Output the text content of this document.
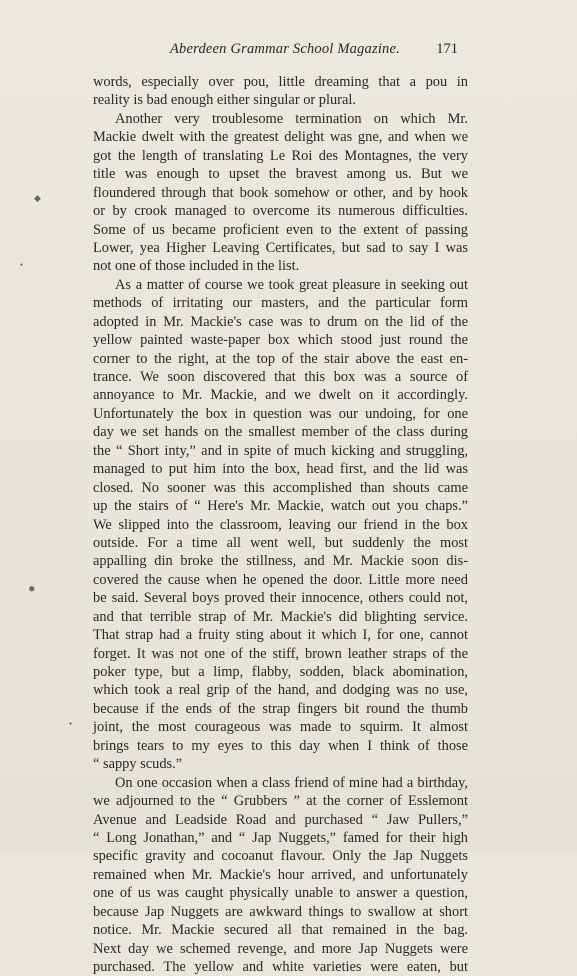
Aberdeen Grammar School Magazine.	171
words, especially over pou, little dreaming that a pou in
reality is bad enough either singular or plural.
Another very troublesome termination on which Mr.
Mackie dwelt with the greatest delight was gne, and when we
got the length of translating Le Roi des Montagnes, the very
title was enough to upset the bravest among us. But we
floundered through that book somehow or other, and by hook
or by crook managed to overcome its numerous difficulties.
Some of us became proficient even to the extent of passing
Lower, yea Higher Leaving Certificates, but sad to say I was
not one of those included in the list.
As a matter of course we took great pleasure in seeking out
methods of irritating our masters, and the particular form
adopted in Mr. Mackie's case was to drum on the lid of the
yellow painted waste-paper box which stood just round the
corner to the right, at the top of the stair above the east en-
trance. We soon discovered that this box was a source of
annoyance to Mr. Mackie, and we dwelt on it accordingly.
Unfortunately the box in question was our undoing, for one
day we set hands on the smallest member of the class during
the “ Short inty,” and in spite of much kicking and struggling,
managed to put him into the box, head first, and the lid was
closed. No sooner was this accomplished than shouts came
up the stairs of “ Here's Mr. Mackie, watch out you chaps.”
We slipped into the classroom, leaving our friend in the box
outside. For a time all went well, but suddenly the most
appalling din broke the stillness, and Mr. Mackie soon dis-
covered the cause when he opened the door. Little more need
be said. Several boys proved their innocence, others could not,
and that terrible strap of Mr. Mackie's did blighting service.
That strap had a fruity sting about it which I, for one, cannot
forget. It was not one of the stiff, brown leather straps of the
poker type, but a limp, flabby, sodden, black abomination,
which took a real grip of the hand, and dodging was no use,
because if the ends of the strap fingers bit round the thumb
joint, the most courageous was made to squirm. It almost
brings tears to my eyes to this day when I think of those
“ sappy scuds.”
On one occasion when a class friend of mine had a birthday,
we adjourned to the “ Grubbers ” at the corner of Esslemont
Avenue and Leadside Road and purchased “ Jaw Pullers,”
“ Long Jonathan,” and “ Jap Nuggets,” famed for their high
specific gravity and cocoanut flavour. Only the Jap Nuggets
remained when Mr. Mackie's hour arrived, and unfortunately
one of us was caught physically unable to answer a question,
because Jap Nuggets are awkward things to swallow at short
notice. Mr. Mackie secured all that remained in the bag.
Next day we schemed revenge, and more Jap Nuggets were
purchased. The yellow and white varieties were eaten, but
◆
●
✹
●
